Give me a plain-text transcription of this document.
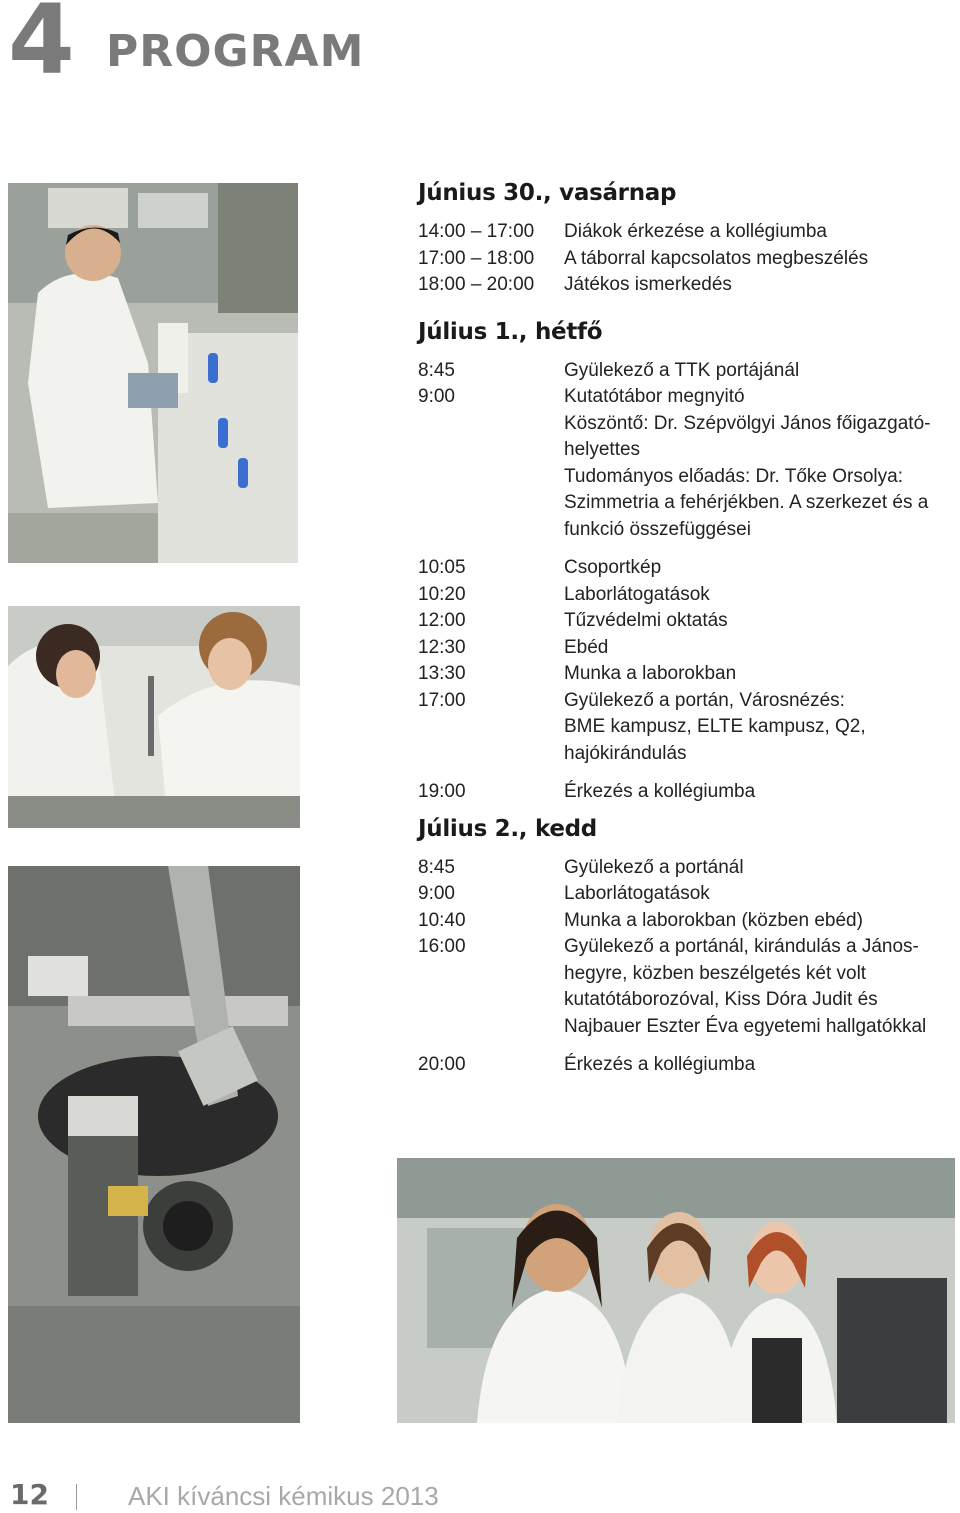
4 PROGRAM
Június 30., vasárnap
14:00 – 17:00	Diákok érkezése a kollégiumba
17:00 – 18:00	A táborral kapcsolatos megbeszélés
18:00 – 20:00	Játékos ismerkedés
Július 1., hétfő
8:45	Gyülekező a TTK portájánál
9:00	Kutatótábor megnyitó
Köszöntő: Dr. Szépvölgyi János főigazgató-
helyettes
Tudományos előadás: Dr. Tőke Orsolya:
Szimmetria a fehérjékben. A szerkezet és a
funkció összefüggései
10:05	Csoportkép
10:20	Laborlátogatások
12:00	Tűzvédelmi oktatás
12:30	Ebéd
13:30	Munka a laborokban
17:00	Gyülekező a portán, Városnézés:
BME kampusz, ELTE kampusz, Q2,
hajókirándulás
19:00	Érkezés a kollégiumba
Július 2., kedd
8:45	Gyülekező a portánál
9:00	Laborlátogatások
10:40	Munka a laborokban (közben ebéd)
16:00	Gyülekező a portánál, kirándulás a János-
hegyre, közben beszélgetés két volt
kutatótáborozóval, Kiss Dóra Judit és
Najbauer Eszter Éva egyetemi hallgatókkal
20:00	Érkezés a kollégiumba
12	AKI kíváncsi kémikus 2013
